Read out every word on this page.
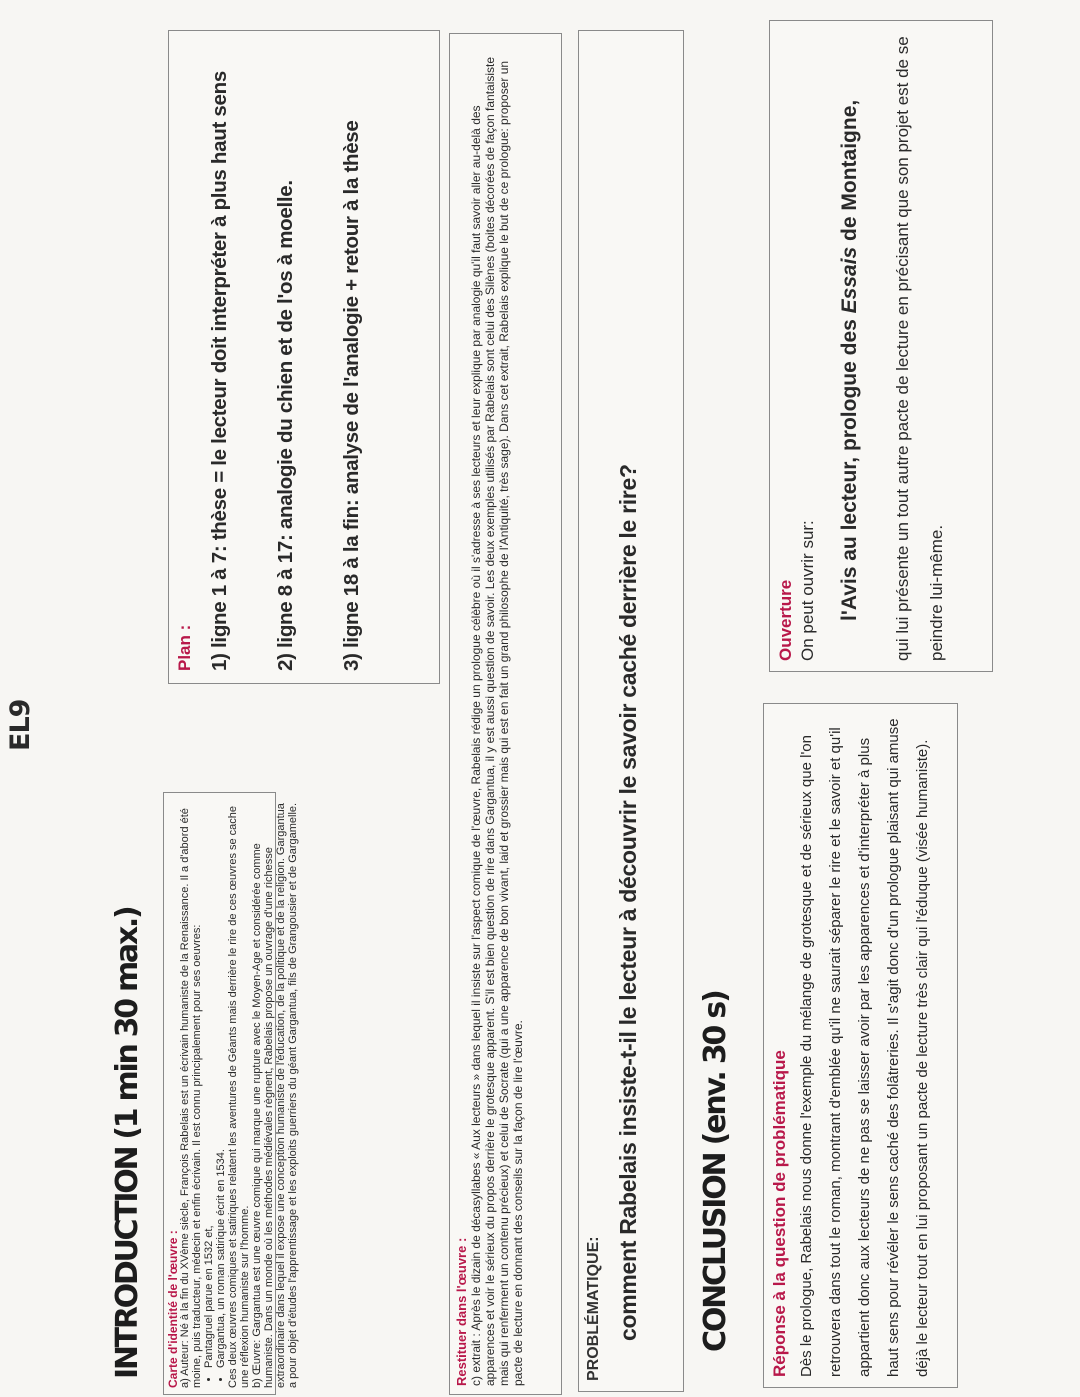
EL9
INTRODUCTION (1 min 30 max.) Carte d'identité de l'œuvre : a) Auteur: Né à la fin du XVème siècle, François Rabelais est un écrivain humaniste de la Renaissance. Il a d'abord été moine, puis traducteur, médecin et enfin écrivain. Il est connu principalement pour ses oeuvres: • Pantagruel parue en 1532 et, • Gargantua, un roman satirique écrit en 1534. Ces deux œuvres comiques et satiriques relatent les aventures de Géants mais derrière le rire de ces œuvres se cache une réflexion humaniste sur l'homme. b) Œuvre: Gargantua est une œuvre comique qui marque une rupture avec le Moyen-Age et considérée comme humaniste. Dans un monde où les méthodes médiévales règnent, Rabelais propose un ouvrage d'une richesse extraordinaire dans lequel il expose une conception humaniste de l'éducation, de la politique et de la religion. Gargantua a pour objet d'études l'apprentissage et les exploits guerriers du géant Gargantua, fils de Grangousier et de Gargamelle.
Plan : 1) ligne 1 à 7: thèse = le lecteur doit interpréter à plus haut sens 2) ligne 8 à 17: analogie du chien et de l'os à moelle. 3) ligne 18 à la fin: analyse de l'analogie + retour à la thèse
Restituer dans l'œuvre : c) extrait : Après le dizain de décasyllabes « Aux lecteurs » dans lequel il insiste sur l'aspect comique de l'œuvre, Rabelais rédige un prologue célèbre où il s'adresse à ses lecteurs et leur explique par analogie qu'il faut savoir aller au-delà des apparences et voir le sérieux du propos derrière le grotesque apparent. S'il est bien question de rire dans Gargantua, il y est aussi question de savoir. Les deux exemples utilisés par Rabelais sont celui des Silènes (boites décorées de façon fantaisiste mais qui renferment un contenu précieux) et celui de Socrate (qui a une apparence de bon vivant, laid et grossier mais qui est en fait un grand philosophe de l'Antiquité, très sage). Dans cet extrait, Rabelais explique le but de ce prologue: proposer un pacte de lecture en donnant des conseils sur la façon de lire l'œuvre.	PROBLÉMATIQUE: comment Rabelais insiste-t-il le lecteur à découvrir le savoir caché derrière le rire? CONCLUSION (env. 30 s) Réponse à la question de problématique Dès le prologue, Rabelais nous donne l'exemple du mélange de grotesque et de sérieux que l'on retrouvera dans tout le roman, montrant d'emblée qu'il ne saurait séparer le rire et le savoir et qu'il appartient donc aux lecteurs de ne pas se laisser avoir par les apparences et d'interpréter à plus haut sens pour révéler le sens caché des folâtreries. Il s'agit donc d'un prologue plaisant qui amuse déjà le lecteur tout en lui proposant un pacte de lecture très clair qui l'éduque (visée humaniste).
Ouverture On peut ouvrir sur: l'Avis au lecteur, prologue des Essais de Montaigne,	qui lui présente un tout autre pacte de lecture en précisant que son projet est de se peindre lui-même.
